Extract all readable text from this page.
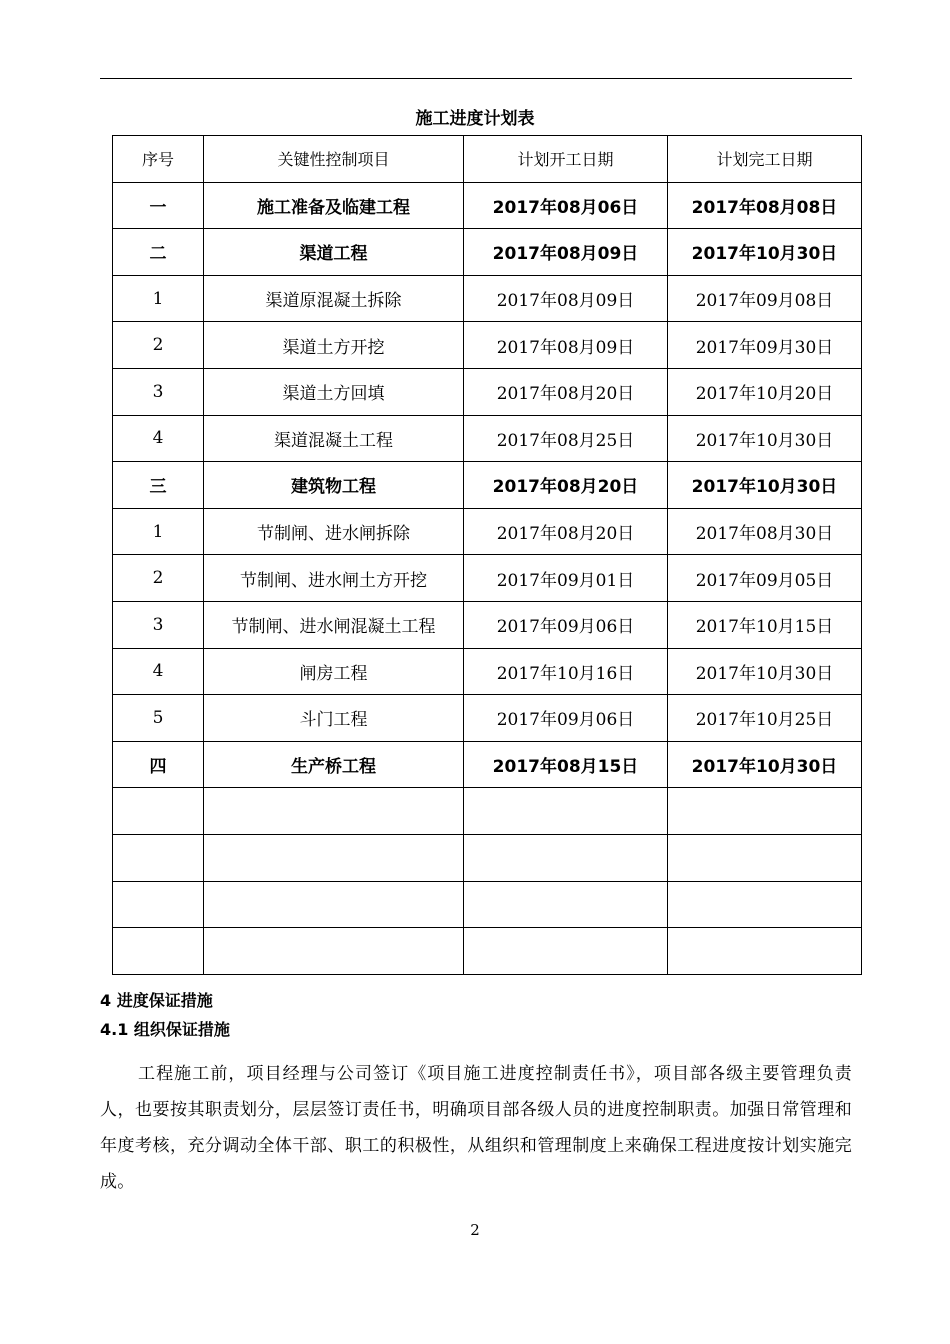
施工进度计划表
序号	关键性控制项目	计划开工日期	计划完工日期
一	施工准备及临建工程	2017年08月06日	2017年08月08日
二	渠道工程	2017年08月09日	2017年10月30日
1	渠道原混凝土拆除	2017年08月09日	2017年09月08日
2	渠道土方开挖	2017年08月09日	2017年09月30日
3	渠道土方回填	2017年08月20日	2017年10月20日
4	渠道混凝土工程	2017年08月25日	2017年10月30日
三	建筑物工程	2017年08月20日	2017年10月30日
1	节制闸、进水闸拆除	2017年08月20日	2017年08月30日
2	节制闸、进水闸土方开挖	2017年09月01日	2017年09月05日
3	节制闸、进水闸混凝土工程	2017年09月06日	2017年10月15日
4	闸房工程	2017年10月16日	2017年10月30日
5	斗门工程	2017年09月06日	2017年10月25日
四	生产桥工程	2017年08月15日	2017年10月30日

4 进度保证措施
4.1 组织保证措施
工程施工前，项目经理与公司签订《项目施工进度控制责任书》，项目部各级主要管理负责人，也要按其职责划分，层层签订责任书，明确项目部各级人员的进度控制职责。加强日常管理和年度考核，充分调动全体干部、职工的积极性，从组织和管理制度上来确保工程进度按计划实施完成。
2
